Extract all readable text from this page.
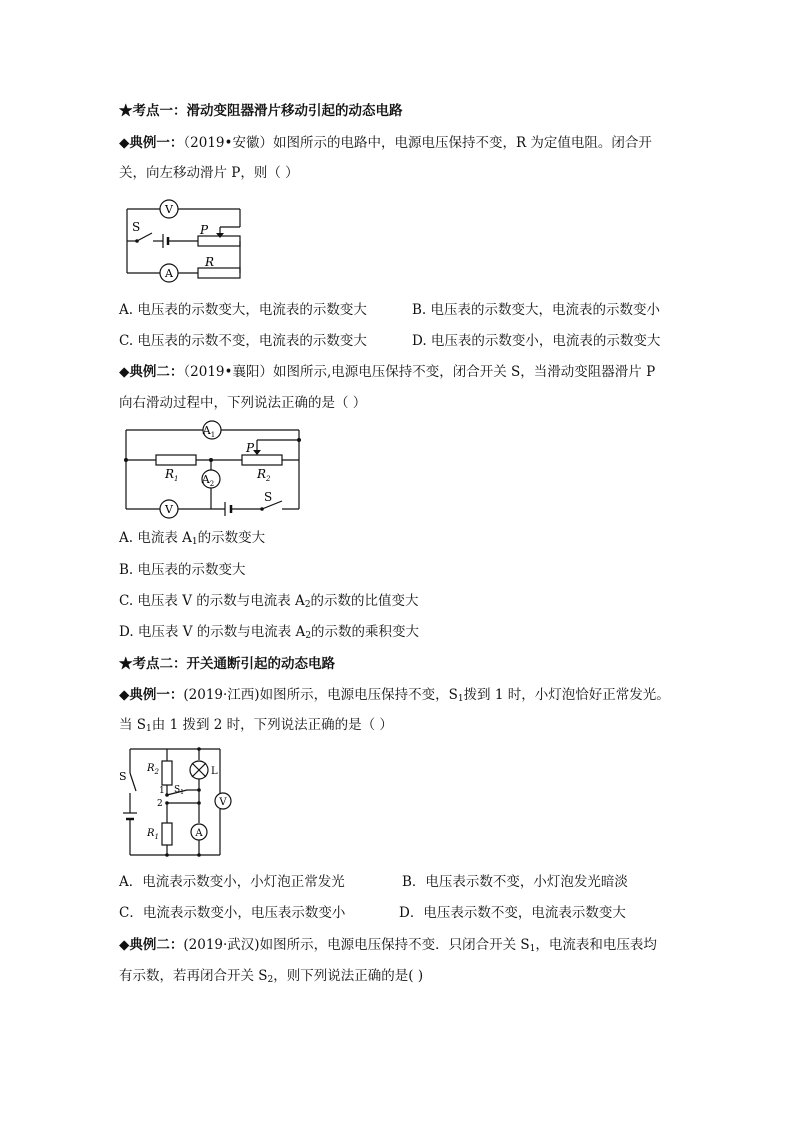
★考点一：滑动变阻器滑片移动引起的动态电路
◆典例一：（2019•安徽）如图所示的电路中，电源电压保持不变，R 为定值电阻。闭合开
关，向左移动滑片 P，则（ ）
V
A
S	P
R
A. 电压表的示数变大，电流表的示数变大	B. 电压表的示数变大，电流表的示数变小
C. 电压表的示数不变，电流表的示数变大	D. 电压表的示数变小，电流表的示数变大
◆典例二：（2019•襄阳）如图所示,电源电压保持不变，闭合开关 S，当滑动变阻器滑片 P
向右滑动过程中，下列说法正确的是（ ）
$A_1$
$A_2$
V
$R_1$	$R_2$
P
S
A. 电流表 $A_1$的示数变大
B. 电压表的示数变大
C. 电压表 V 的示数与电流表 $A_2$的示数的比值变大
D. 电压表 V 的示数与电流表 $A_2$的示数的乘积变大
★考点二：开关通断引起的动态电路
◆典例一：(2019·江西)如图所示，电源电压保持不变，$S_1$拨到 1 时，小灯泡恰好正常发光。
当 $S_1$由 1 拨到 2 时，下列说法正确的是（ ）
S
$R_2$
$R_1$
L
$S_1$
1
2	V
A
A．电流表示数变小，小灯泡正常发光	B．电压表示数不变，小灯泡发光暗淡
C．电流表示数变小，电压表示数变小	D．电压表示数不变，电流表示数变大
◆典例二：(2019·武汉)如图所示，电源电压保持不变．只闭合开关 $S_1$，电流表和电压表均
有示数，若再闭合开关 $S_2$，则下列说法正确的是( )
